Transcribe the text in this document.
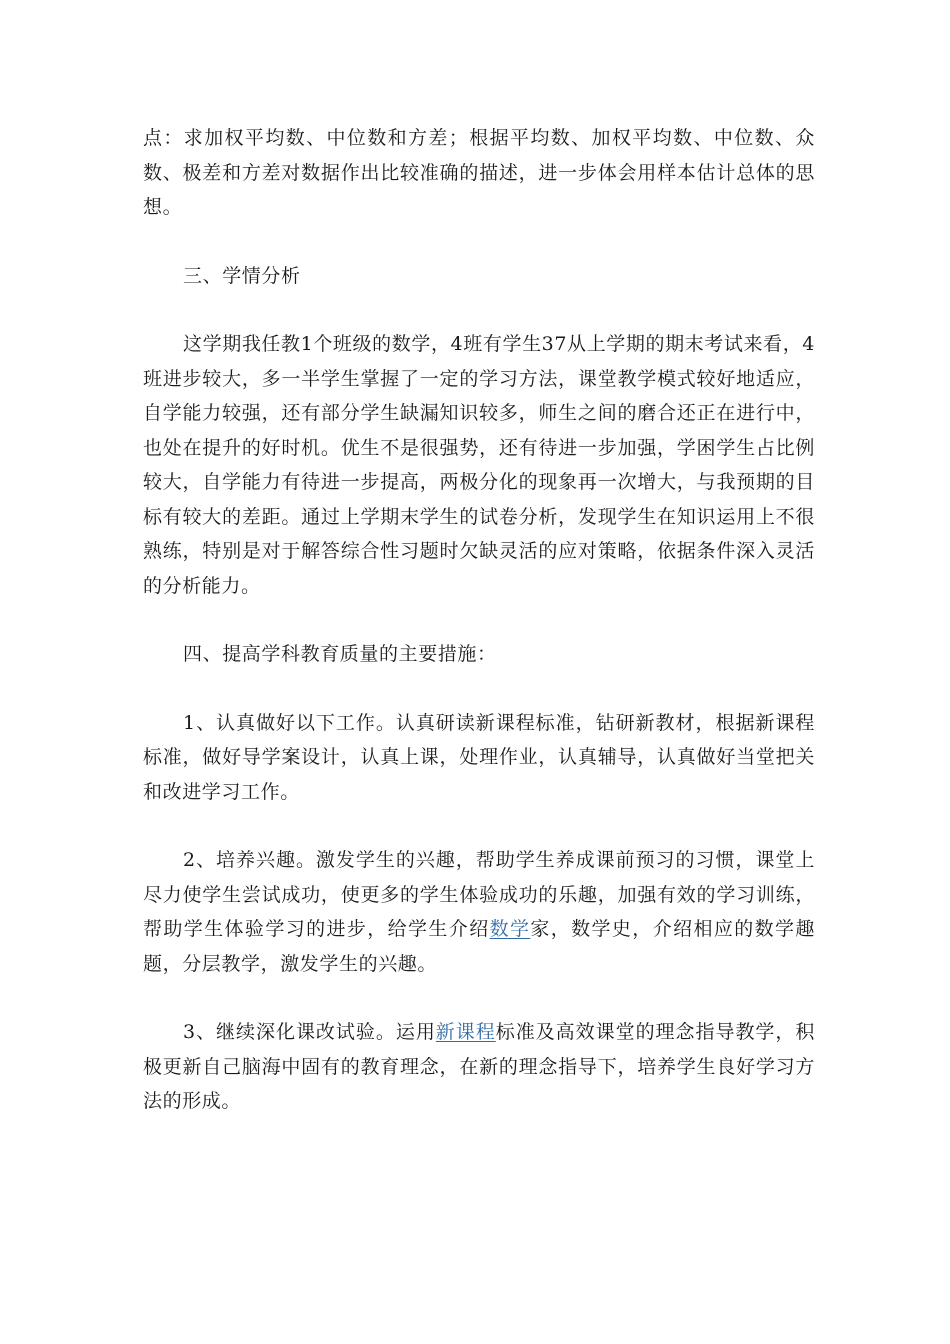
点：求加权平均数、中位数和方差；根据平均数、加权平均数、中位数、众数、极差和方差对数据作出比较准确的描述，进一步体会用样本估计总体的思想。

三、学情分析

这学期我任教1个班级的数学，4班有学生37从上学期的期末考试来看，4班进步较大，多一半学生掌握了一定的学习方法，课堂教学模式较好地适应，自学能力较强，还有部分学生缺漏知识较多，师生之间的磨合还正在进行中，也处在提升的好时机。优生不是很强势，还有待进一步加强，学困学生占比例较大，自学能力有待进一步提高，两极分化的现象再一次增大，与我预期的目标有较大的差距。通过上学期末学生的试卷分析，发现学生在知识运用上不很熟练，特别是对于解答综合性习题时欠缺灵活的应对策略，依据条件深入灵活的分析能力。

四、提高学科教育质量的主要措施：

1、认真做好以下工作。认真研读新课程标准，钻研新教材，根据新课程标准，做好导学案设计，认真上课，处理作业，认真辅导，认真做好当堂把关和改进学习工作。

2、培养兴趣。激发学生的兴趣，帮助学生养成课前预习的习惯，课堂上尽力使学生尝试成功，使更多的学生体验成功的乐趣，加强有效的学习训练，帮助学生体验学习的进步，给学生介绍数学家，数学史，介绍相应的数学趣题，分层教学，激发学生的兴趣。

3、继续深化课改试验。运用新课程标准及高效课堂的理念指导教学，积极更新自己脑海中固有的教育理念，在新的理念指导下，培养学生良好学习方法的形成。
